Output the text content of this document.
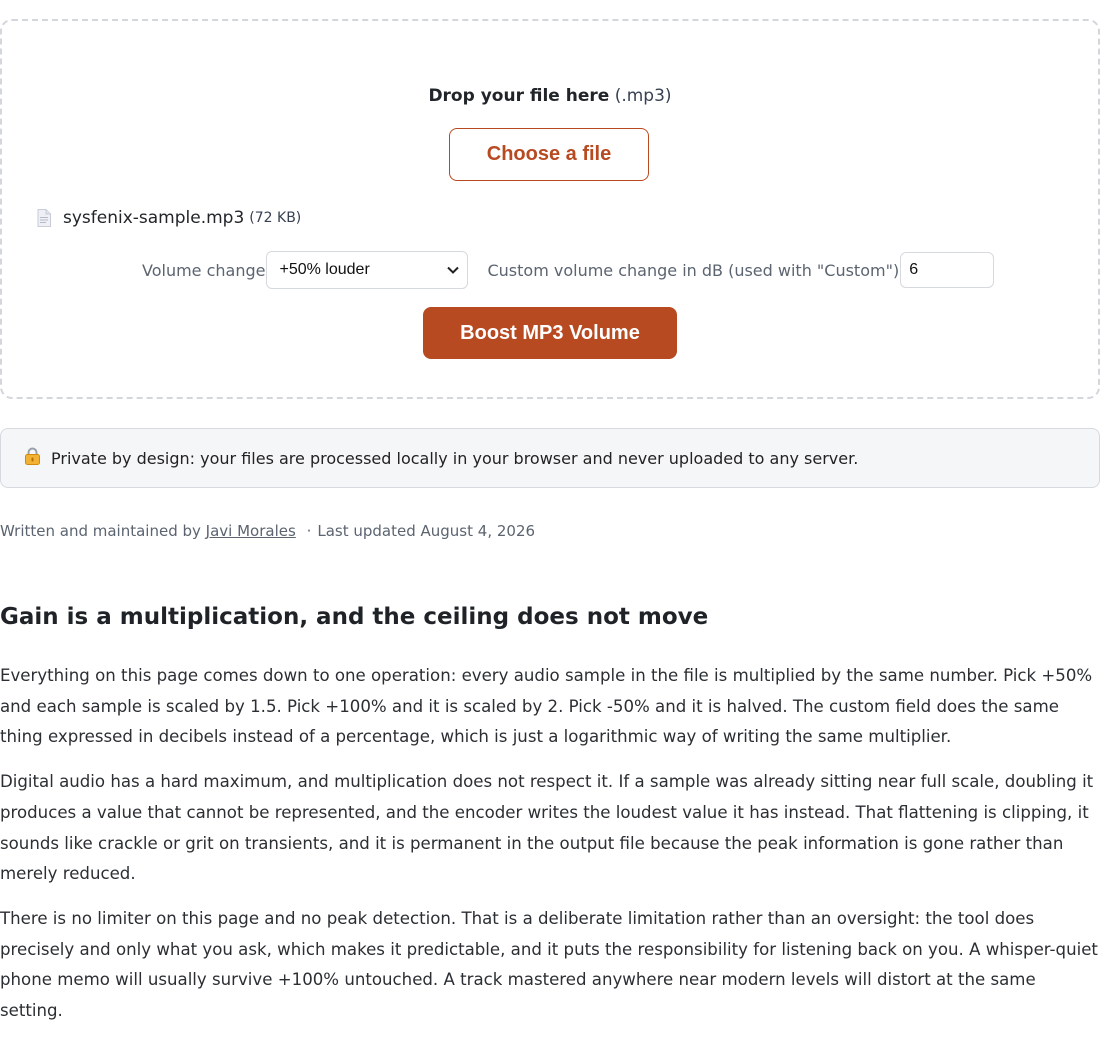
Drop your file here (.mp3)
Choose a file
sysfenix-sample.mp3 (72 KB)
Volume change +50% louder	Custom volume change in dB (used with "Custom")
6
Boost MP3 Volume
Private by design: your files are processed locally in your browser and never uploaded to any server.
Written and maintained by Javi Morales · Last updated August 4, 2026
Gain is a multiplication, and the ceiling does not move

Everything on this page comes down to one operation: every audio sample in the file is multiplied by the same number. Pick +50% and each sample is scaled by 1.5. Pick +100% and it is scaled by 2. Pick -50% and it is halved. The custom field does the same thing expressed in decibels instead of a percentage, which is just a logarithmic way of writing the same multiplier.

Digital audio has a hard maximum, and multiplication does not respect it. If a sample was already sitting near full scale, doubling it produces a value that cannot be represented, and the encoder writes the loudest value it has instead. That flattening is clipping, it sounds like crackle or grit on transients, and it is permanent in the output file because the peak information is gone rather than merely reduced.

There is no limiter on this page and no peak detection. That is a deliberate limitation rather than an oversight: the tool does precisely and only what you ask, which makes it predictable, and it puts the responsibility for listening back on you. A whisper-quiet phone memo will usually survive +100% untouched. A track mastered anywhere near modern levels will distort at the same setting.
